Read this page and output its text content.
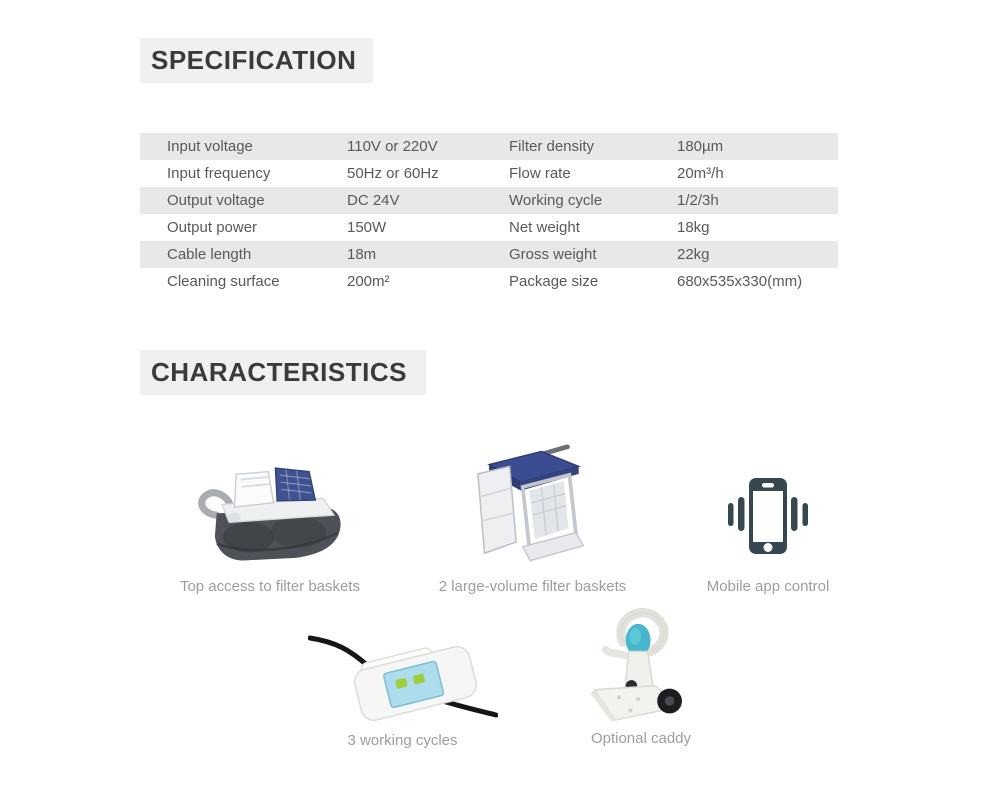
SPECIFICATION
Input voltage	110V or 220V	Filter density	180µm
Input frequency	50Hz or 60Hz	Flow rate	20m³/h
Output voltage	DC 24V	Working cycle	1/2/3h
Output power	150W	Net weight	18kg
Cable length	18m	Gross weight	22kg
Cleaning surface	200m²	Package size	680x535x330(mm)
CHARACTERISTICS
Top access to filter baskets	2 large-volume filter baskets	Mobile app control
3 working cycles	Optional caddy
